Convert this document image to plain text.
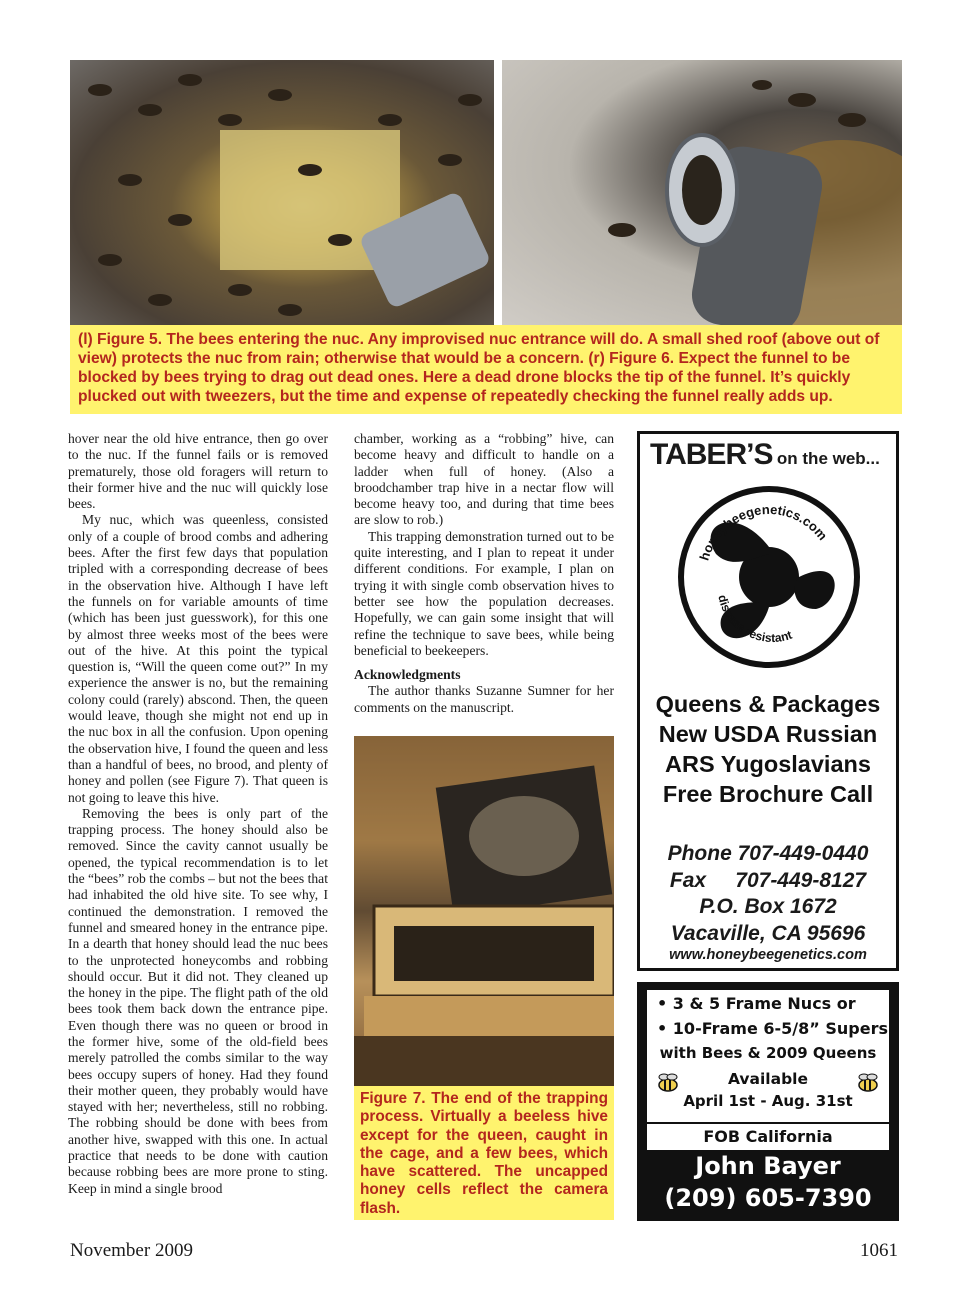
(l) Figure 5. The bees entering the nuc. Any improvised nuc entrance will do. A small shed roof (above out of view) protects the nuc from rain; otherwise that would be a concern. (r) Figure 6. Expect the funnel to be blocked by bees trying to drag out dead ones. Here a dead drone blocks the tip of the funnel. It’s quickly plucked out with tweezers, but the time and expense of repeatedly checking the funnel really adds up.

hover near the old hive entrance, then go over to the nuc. If the funnel fails or is removed prematurely, those old foragers will return to their former hive and the nuc will quickly lose bees.

My nuc, which was queenless, consisted only of a couple of brood combs and adhering bees. After the first few days that population tripled with a corresponding decrease of bees in the observation hive. Although I have left the funnels on for variable amounts of time (which has been just guesswork), for this one by almost three weeks most of the bees were out of the hive. At this point the typical question is, “Will the queen come out?” In my experience the answer is no, but the remaining colony could (rarely) abscond. Then, the queen would leave, though she might not end up in the nuc box in all the confusion. Upon opening the observation hive, I found the queen and less than a handful of bees, no brood, and plenty of honey and pollen (see Figure 7). That queen is not going to leave this hive.

Removing the bees is only part of the trapping process. The honey should also be removed. Since the cavity cannot usually be opened, the typical recommendation is to let the “bees” rob the combs – but not the bees that had inhabited the old hive site. To see why, I continued the demonstration. I removed the funnel and smeared honey in the entrance pipe. In a dearth that honey should lead the nuc bees to the unprotected honeycombs and robbing should occur. But it did not. They cleaned up the honey in the pipe. The flight path of the old bees took them back down the entrance pipe. Even though there was no queen or brood in the former hive, some of the old-field bees merely patrolled the combs similar to the way bees occupy supers of honey. Had they found their mother queen, they probably would have stayed with her; nevertheless, still no robbing. The robbing should be done with bees from another hive, swapped with this one. In actual practice that needs to be done with caution because robbing bees are more prone to sting. Keep in mind a single brood

chamber, working as a “robbing” hive, can become heavy and difficult to handle on a ladder when full of honey. (Also a broodchamber trap hive in a nectar flow will become heavy too, and during that time bees are slow to rob.)

This trapping demonstration turned out to be quite interesting, and I plan to repeat it under different conditions. For example, I plan on trying it with single comb observation hives to better see how the population decreases. Hopefully, we can gain some insight that will refine the technique to save bees, while being beneficial to beekeepers.

Acknowledgments

The author thanks Suzanne Sumner for her comments on the manuscript.

Figure 7. The end of the trapping process. Virtually a beeless hive except for the queen, caught in the cage, and a few bees, which have scattered. The uncapped honey cells reflect the camera flash.
TABER’S on the web...
honeybeegenetics.com
disease resistant
Queens & Packages
New USDA Russian
ARS Yugoslavians
Free Brochure Call
Phone 707-449-0440
Fax     707-449-8127
P.O. Box 1672
Vacaville, CA 95696
www.honeybeegenetics.com
• 3 & 5 Frame Nucs or
• 10-Frame 6-5/8” Supers
with Bees & 2009 Queens
Available
April 1st - Aug. 31st
FOB California
John Bayer
(209) 605-7390
November 2009	1061
